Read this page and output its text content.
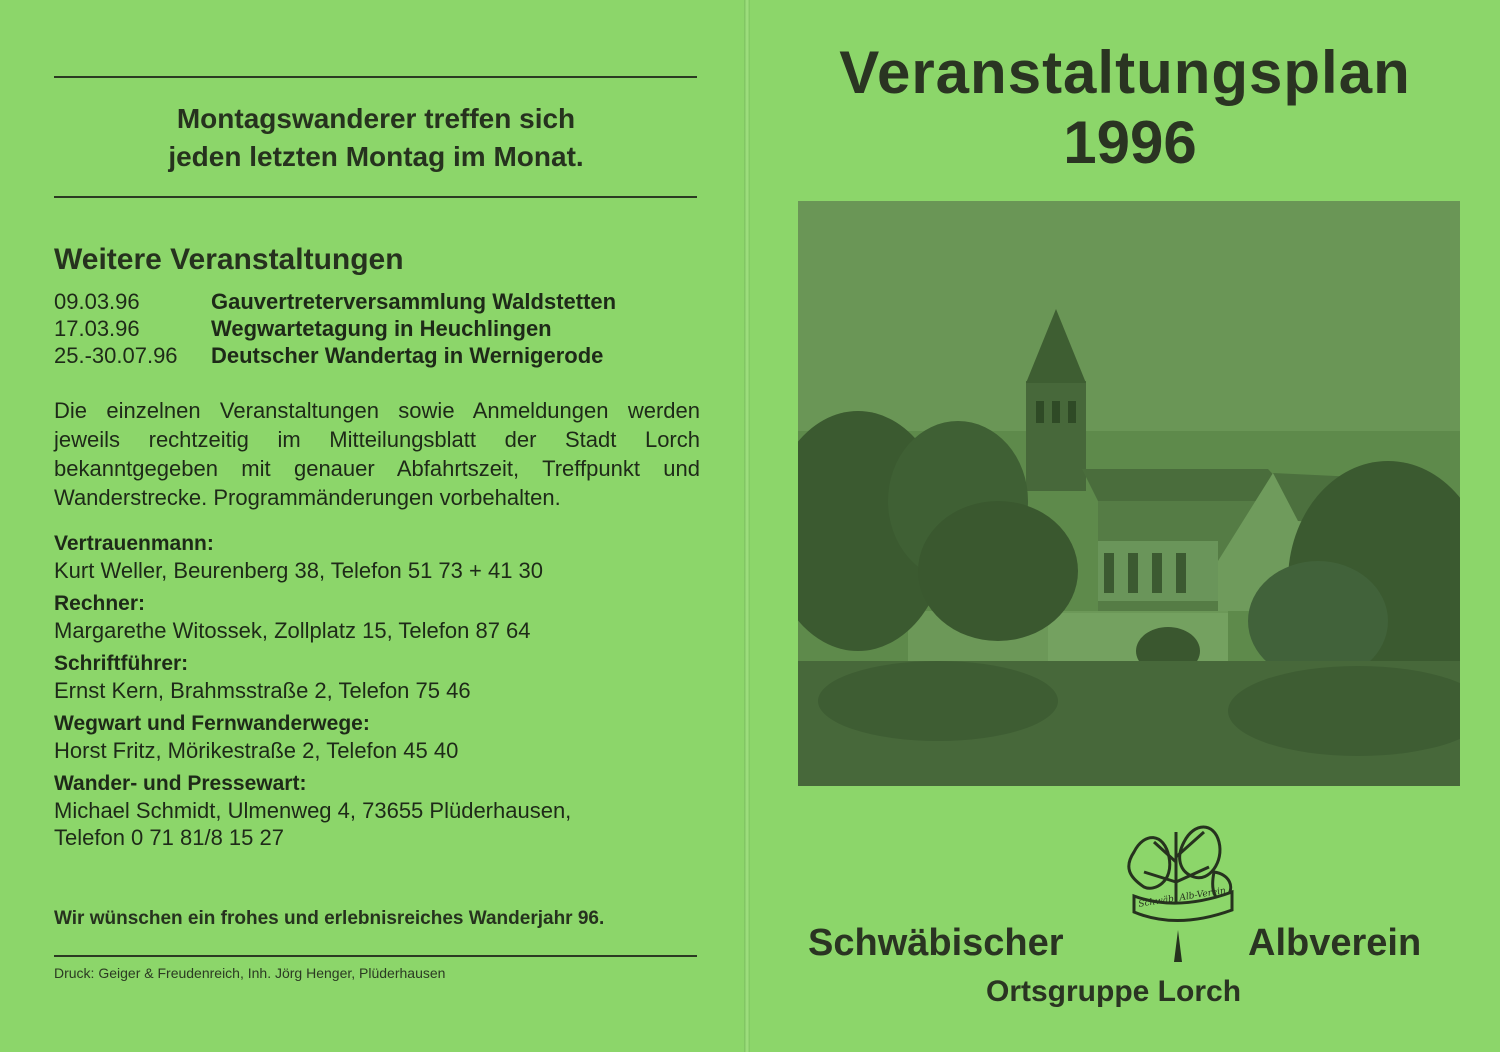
Montagswanderer treffen sich
jeden letzten Montag im Monat.
Weitere Veranstaltungen
09.03.96	Gauvertreterversammlung Waldstetten
17.03.96	Wegwartetagung in Heuchlingen
25.-30.07.96 Deutscher Wandertag in Wernigerode
Die einzelnen Veranstaltungen sowie Anmeldungen werden jeweils rechtzeitig im Mitteilungsblatt der Stadt Lorch bekanntgegeben mit genauer Abfahrtszeit, Treffpunkt und Wanderstrecke. Programmänderungen vorbehalten.

Vertrauenmann:

Kurt Weller, Beurenberg 38, Telefon 51 73 + 41 30

Rechner:

Margarethe Witossek, Zollplatz 15, Telefon 87 64

Schriftführer:

Ernst Kern, Brahmsstraße 2, Telefon 75 46

Wegwart und Fernwanderwege:

Horst Fritz, Mörikestraße 2, Telefon 45 40

Wander- und Pressewart:

Michael Schmidt, Ulmenweg 4, 73655 Plüderhausen,

Telefon 0 71 81/8 15 27

Wir wünschen ein frohes und erlebnisreiches Wanderjahr 96.
Druck: Geiger & Freudenreich, Inh. Jörg Henger, Plüderhausen
Veranstaltungsplan
1996
Schwäb. Alb-Verein
Schwäbischer	Albverein
Ortsgruppe Lorch
